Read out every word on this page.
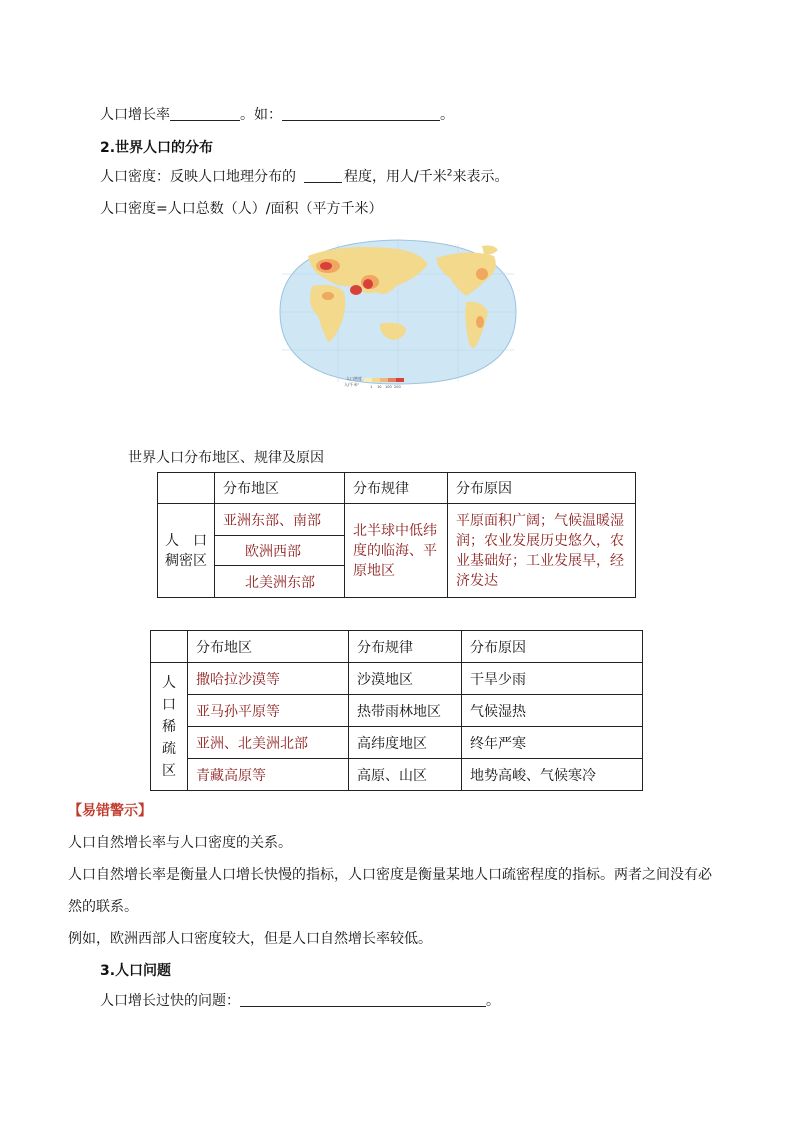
人口增长率	。如：	。
2.世界人口的分布
人口密度：反映人口地理分布的	程度，用人/千米$^2$来表示。
人口密度=人口总数（人）/面积（平方千米）
人口密度
人/千米²	1 10 100 200
世界人口分布地区、规律及原因
	分布地区	分布规律	分布原因
人　口稠密区	亚洲东部、南部	北半球中低纬度的临海、平原地区	平原面积广阔；气候温暖湿润；农业发展历史悠久，农业基础好；工业发展早，经济发达
	欧洲西部		
	北美洲东部		
	分布地区	分布规律	分布原因
人口稀疏区	撒哈拉沙漠等	沙漠地区	干旱少雨
	亚马孙平原等	热带雨林地区	气候湿热
	亚洲、北美洲北部	高纬度地区	终年严寒
	青藏高原等	高原、山区	地势高峻、气候寒冷
【易错警示】
人口自然增长率与人口密度的关系。
人口自然增长率是衡量人口增长快慢的指标，人口密度是衡量某地人口疏密程度的指标。两者之间没有必
然的联系。
例如，欧洲西部人口密度较大，但是人口自然增长率较低。
3.人口问题
人口增长过快的问题：	。
